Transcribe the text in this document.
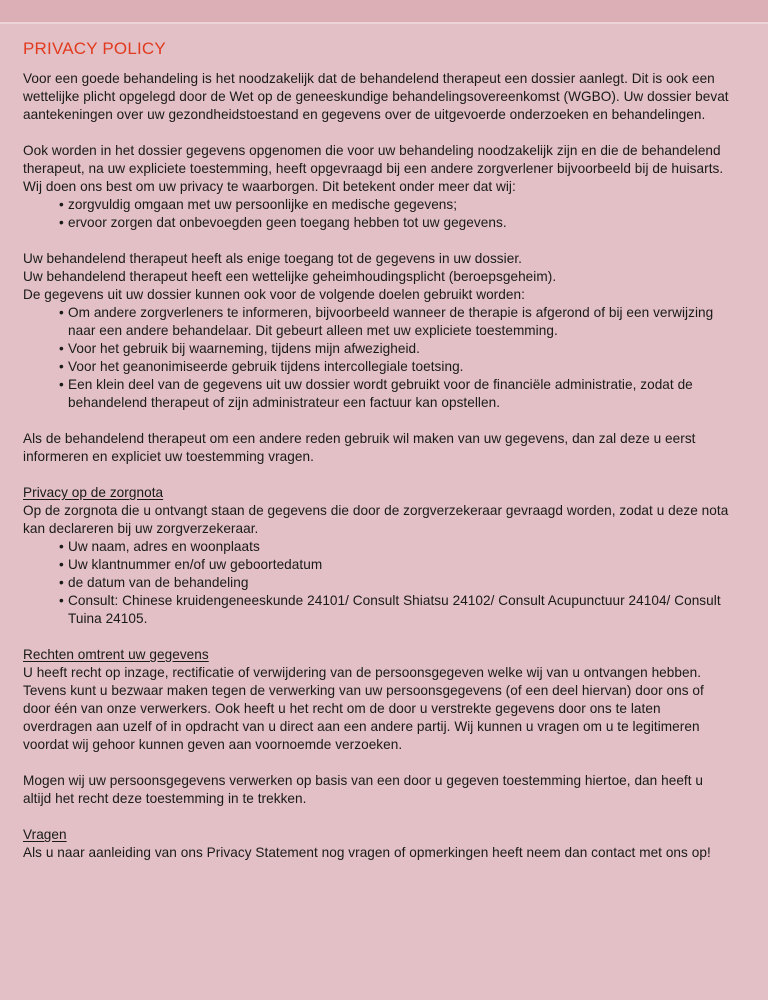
PRIVACY POLICY

Voor een goede behandeling is het noodzakelijk dat de behandelend therapeut een dossier aanlegt. Dit is ook een wettelijke plicht opgelegd door de Wet op de geneeskundige behandelingsovereenkomst (WGBO). Uw dossier bevat aantekeningen over uw gezondheidstoestand en gegevens over de uitgevoerde onderzoeken en behandelingen.

Ook worden in het dossier gegevens opgenomen die voor uw behandeling noodzakelijk zijn en die de behandelend therapeut, na uw expliciete toestemming, heeft opgevraagd bij een andere zorgverlener bijvoorbeeld bij de huisarts.

Wij doen ons best om uw privacy te waarborgen. Dit betekent onder meer dat wij:

• zorgvuldig omgaan met uw persoonlijke en medische gegevens;
• ervoor zorgen dat onbevoegden geen toegang hebben tot uw gegevens.

Uw behandelend therapeut heeft als enige toegang tot de gegevens in uw dossier.

Uw behandelend therapeut heeft een wettelijke geheimhoudingsplicht (beroepsgeheim).

De gegevens uit uw dossier kunnen ook voor de volgende doelen gebruikt worden:

• Om andere zorgverleners te informeren, bijvoorbeeld wanneer de therapie is afgerond of bij een verwijzing naar een andere behandelaar. Dit gebeurt alleen met uw expliciete toestemming.
• Voor het gebruik bij waarneming, tijdens mijn afwezigheid.
• Voor het geanonimiseerde gebruik tijdens intercollegiale toetsing.
• Een klein deel van de gegevens uit uw dossier wordt gebruikt voor de financiële administratie, zodat de behandelend therapeut of zijn administrateur een factuur kan opstellen.

Als de behandelend therapeut om een andere reden gebruik wil maken van uw gegevens, dan zal deze u eerst informeren en expliciet uw toestemming vragen.

Privacy op de zorgnota

Op de zorgnota die u ontvangt staan de gegevens die door de zorgverzekeraar gevraagd worden, zodat u deze nota kan declareren bij uw zorgverzekeraar.

• Uw naam, adres en woonplaats
• Uw klantnummer en/of uw geboortedatum
• de datum van de behandeling
• Consult: Chinese kruidengeneeskunde 24101/ Consult Shiatsu 24102/ Consult Acupunctuur 24104/ Consult Tuina 24105.

Rechten omtrent uw gegevens

U heeft recht op inzage, rectificatie of verwijdering van de persoonsgegeven welke wij van u ontvangen hebben. Tevens kunt u bezwaar maken tegen de verwerking van uw persoonsgegevens (of een deel hiervan) door ons of door één van onze verwerkers. Ook heeft u het recht om de door u verstrekte gegevens door ons te laten overdragen aan uzelf of in opdracht van u direct aan een andere partij. Wij kunnen u vragen om u te legitimeren voordat wij gehoor kunnen geven aan voornoemde verzoeken.

Mogen wij uw persoonsgegevens verwerken op basis van een door u gegeven toestemming hiertoe, dan heeft u altijd het recht deze toestemming in te trekken.

Vragen

Als u naar aanleiding van ons Privacy Statement nog vragen of opmerkingen heeft neem dan contact met ons op!
